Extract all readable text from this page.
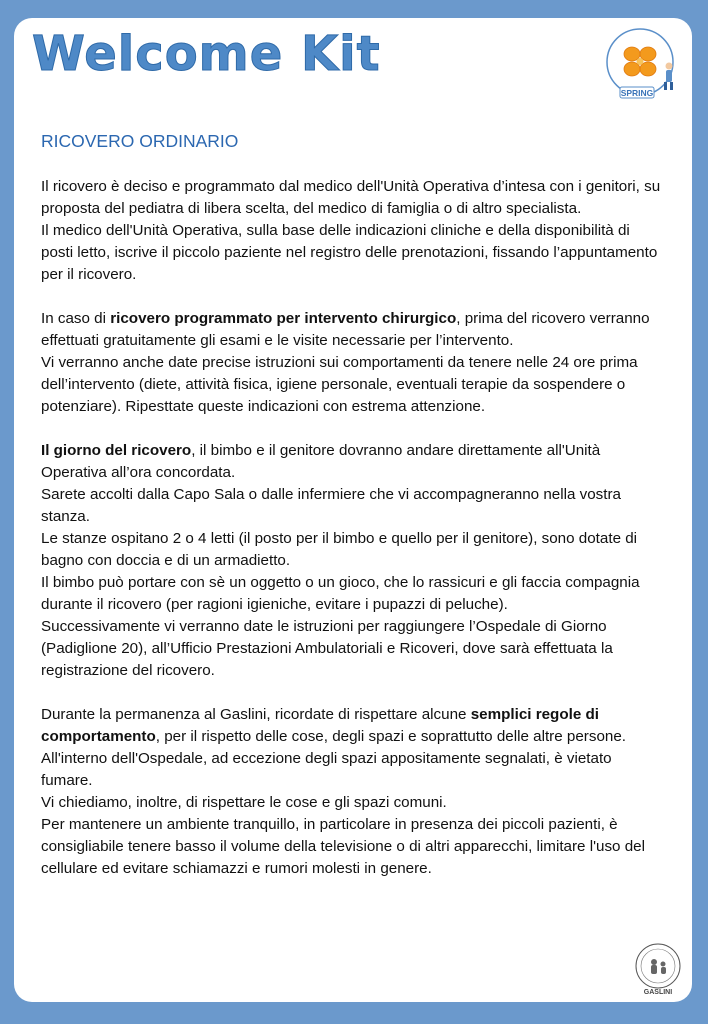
Welcome Kit
SPRING
RICOVERO ORDINARIO
Il ricovero è deciso e programmato dal medico dell'Unità Operativa d’intesa con i genitori, su proposta del pediatra di libera scelta, del medico di famiglia o di altro specialista.
Il medico dell'Unità Operativa, sulla base delle indicazioni cliniche e della disponibilità di posti letto, iscrive il piccolo paziente nel registro delle prenotazioni, fissando l’appuntamento per il ricovero.
In caso di ricovero programmato per intervento chirurgico, prima del ricovero verranno effettuati gratuitamente gli esami e le visite necessarie per l’intervento.
Vi verranno anche date precise istruzioni sui comportamenti da tenere nelle 24 ore prima dell’intervento (diete, attività fisica, igiene personale, eventuali terapie da sospendere o potenziare). Ripesttate queste indicazioni con estrema attenzione.
Il giorno del ricovero, il bimbo e il genitore dovranno andare direttamente all'Unità Operativa all’ora concordata.
Sarete accolti dalla Capo Sala o dalle infermiere che vi accompagneranno nella vostra stanza.
Le stanze ospitano 2 o 4 letti (il posto per il bimbo e quello per il genitore), sono dotate di bagno con doccia e di un armadietto.
Il bimbo può portare con sè un oggetto o un gioco, che lo rassicuri e gli faccia compagnia durante il ricovero (per ragioni igieniche, evitare i pupazzi di peluche).
Successivamente vi verranno date le istruzioni per raggiungere l’Ospedale di Giorno (Padiglione 20), all’Ufficio Prestazioni Ambulatoriali e Ricoveri, dove sarà effettuata la registrazione del ricovero.
Durante la permanenza al Gaslini, ricordate di rispettare alcune semplici regole di comportamento, per il rispetto delle cose, degli spazi e soprattutto delle altre persone.
All'interno dell'Ospedale, ad eccezione degli spazi appositamente segnalati, è vietato fumare.
Vi chiediamo, inoltre, di rispettare le cose e gli spazi comuni.
Per mantenere un ambiente tranquillo, in particolare in presenza dei piccoli pazienti, è consigliabile tenere basso il volume della televisione o di altri apparecchi, limitare l'uso del cellulare ed evitare schiamazzi e rumori molesti in genere.
GASLINI
